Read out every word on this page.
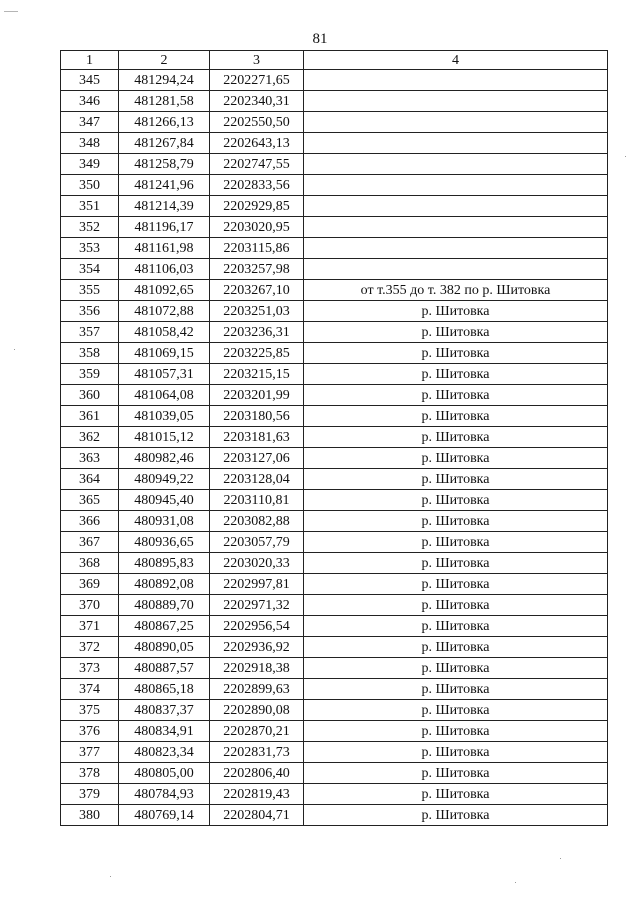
81
1	2	3	4
345	481294,24	2202271,65	
346	481281,58	2202340,31	
347	481266,13	2202550,50	
348	481267,84	2202643,13	
349	481258,79	2202747,55	
350	481241,96	2202833,56	
351	481214,39	2202929,85	
352	481196,17	2203020,95	
353	481161,98	2203115,86	
354	481106,03	2203257,98	
355	481092,65	2203267,10	от т.355 до т. 382 по р. Шитовка
356	481072,88	2203251,03	р. Шитовка
357	481058,42	2203236,31	р. Шитовка
358	481069,15	2203225,85	р. Шитовка
359	481057,31	2203215,15	р. Шитовка
360	481064,08	2203201,99	р. Шитовка
361	481039,05	2203180,56	р. Шитовка
362	481015,12	2203181,63	р. Шитовка
363	480982,46	2203127,06	р. Шитовка
364	480949,22	2203128,04	р. Шитовка
365	480945,40	2203110,81	р. Шитовка
366	480931,08	2203082,88	р. Шитовка
367	480936,65	2203057,79	р. Шитовка
368	480895,83	2203020,33	р. Шитовка
369	480892,08	2202997,81	р. Шитовка
370	480889,70	2202971,32	р. Шитовка
371	480867,25	2202956,54	р. Шитовка
372	480890,05	2202936,92	р. Шитовка
373	480887,57	2202918,38	р. Шитовка
374	480865,18	2202899,63	р. Шитовка
375	480837,37	2202890,08	р. Шитовка
376	480834,91	2202870,21	р. Шитовка
377	480823,34	2202831,73	р. Шитовка
378	480805,00	2202806,40	р. Шитовка
379	480784,93	2202819,43	р. Шитовка
380	480769,14	2202804,71	р. Шитовка
